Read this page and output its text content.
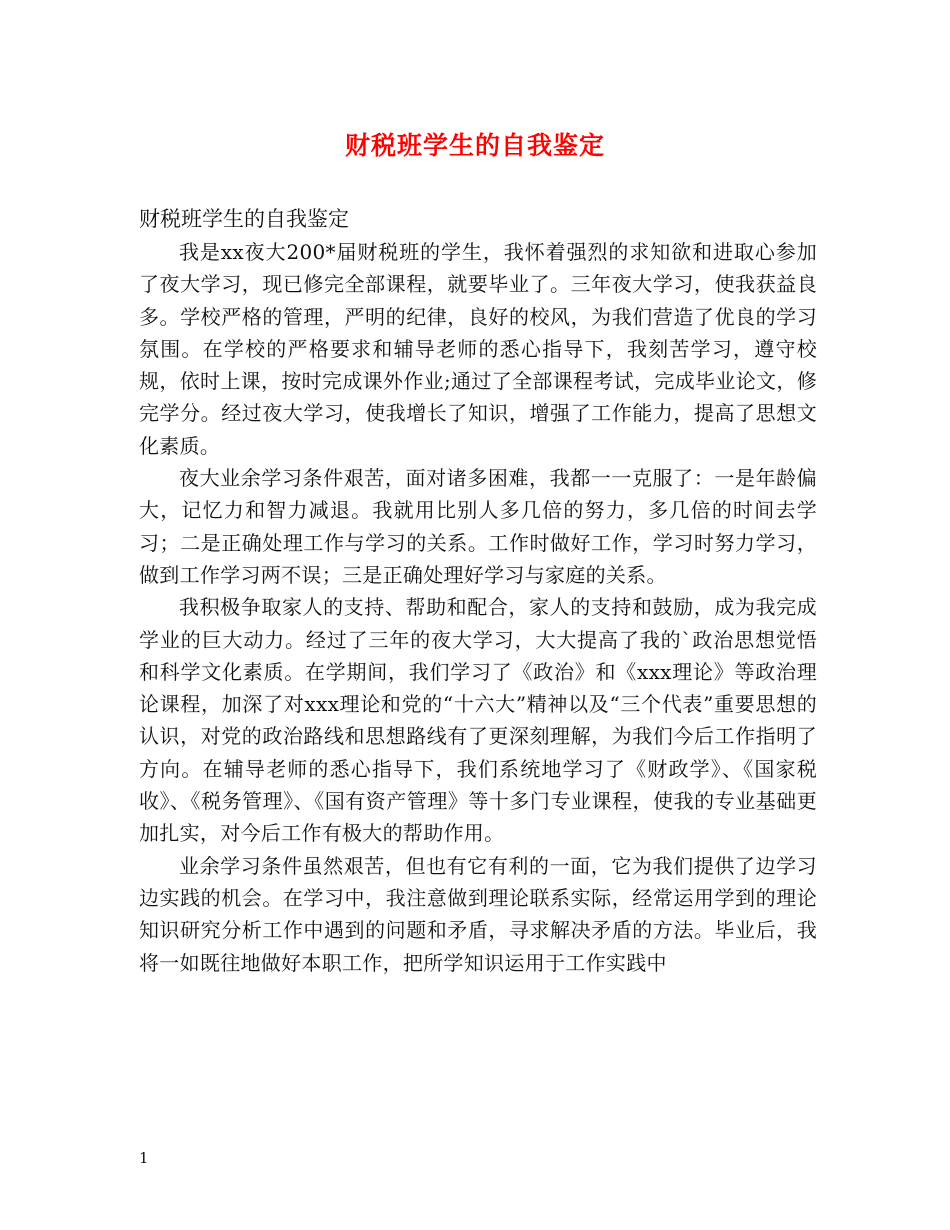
财税班学生的自我鉴定

财税班学生的自我鉴定

我是xx夜大200*届财税班的学生，我怀着强烈的求知欲和进取心参加了夜大学习，现已修完全部课程，就要毕业了。三年夜大学习，使我获益良多。学校严格的管理，严明的纪律，良好的校风，为我们营造了优良的学习氛围。在学校的严格要求和辅导老师的悉心指导下，我刻苦学习，遵守校规，依时上课，按时完成课外作业;通过了全部课程考试，完成毕业论文，修完学分。经过夜大学习，使我增长了知识，增强了工作能力，提高了思想文化素质。

夜大业余学习条件艰苦，面对诸多困难，我都一一克服了：一是年龄偏大，记忆力和智力减退。我就用比别人多几倍的努力，多几倍的时间去学习；二是正确处理工作与学习的关系。工作时做好工作，学习时努力学习，做到工作学习两不误；三是正确处理好学习与家庭的关系。

我积极争取家人的支持、帮助和配合，家人的支持和鼓励，成为我完成学业的巨大动力。经过了三年的夜大学习，大大提高了我的`政治思想觉悟和科学文化素质。在学期间，我们学习了《政治》和《xxx理论》等政治理论课程，加深了对xxx理论和党的“十六大”精神以及“三个代表”重要思想的认识，对党的政治路线和思想路线有了更深刻理解，为我们今后工作指明了方向。在辅导老师的悉心指导下，我们系统地学习了《财政学》、《国家税收》、《税务管理》、《国有资产管理》等十多门专业课程，使我的专业基础更加扎实，对今后工作有极大的帮助作用。

业余学习条件虽然艰苦，但也有它有利的一面，它为我们提供了边学习边实践的机会。在学习中，我注意做到理论联系实际，经常运用学到的理论知识研究分析工作中遇到的问题和矛盾，寻求解决矛盾的方法。毕业后，我将一如既往地做好本职工作，把所学知识运用于工作实践中

1
